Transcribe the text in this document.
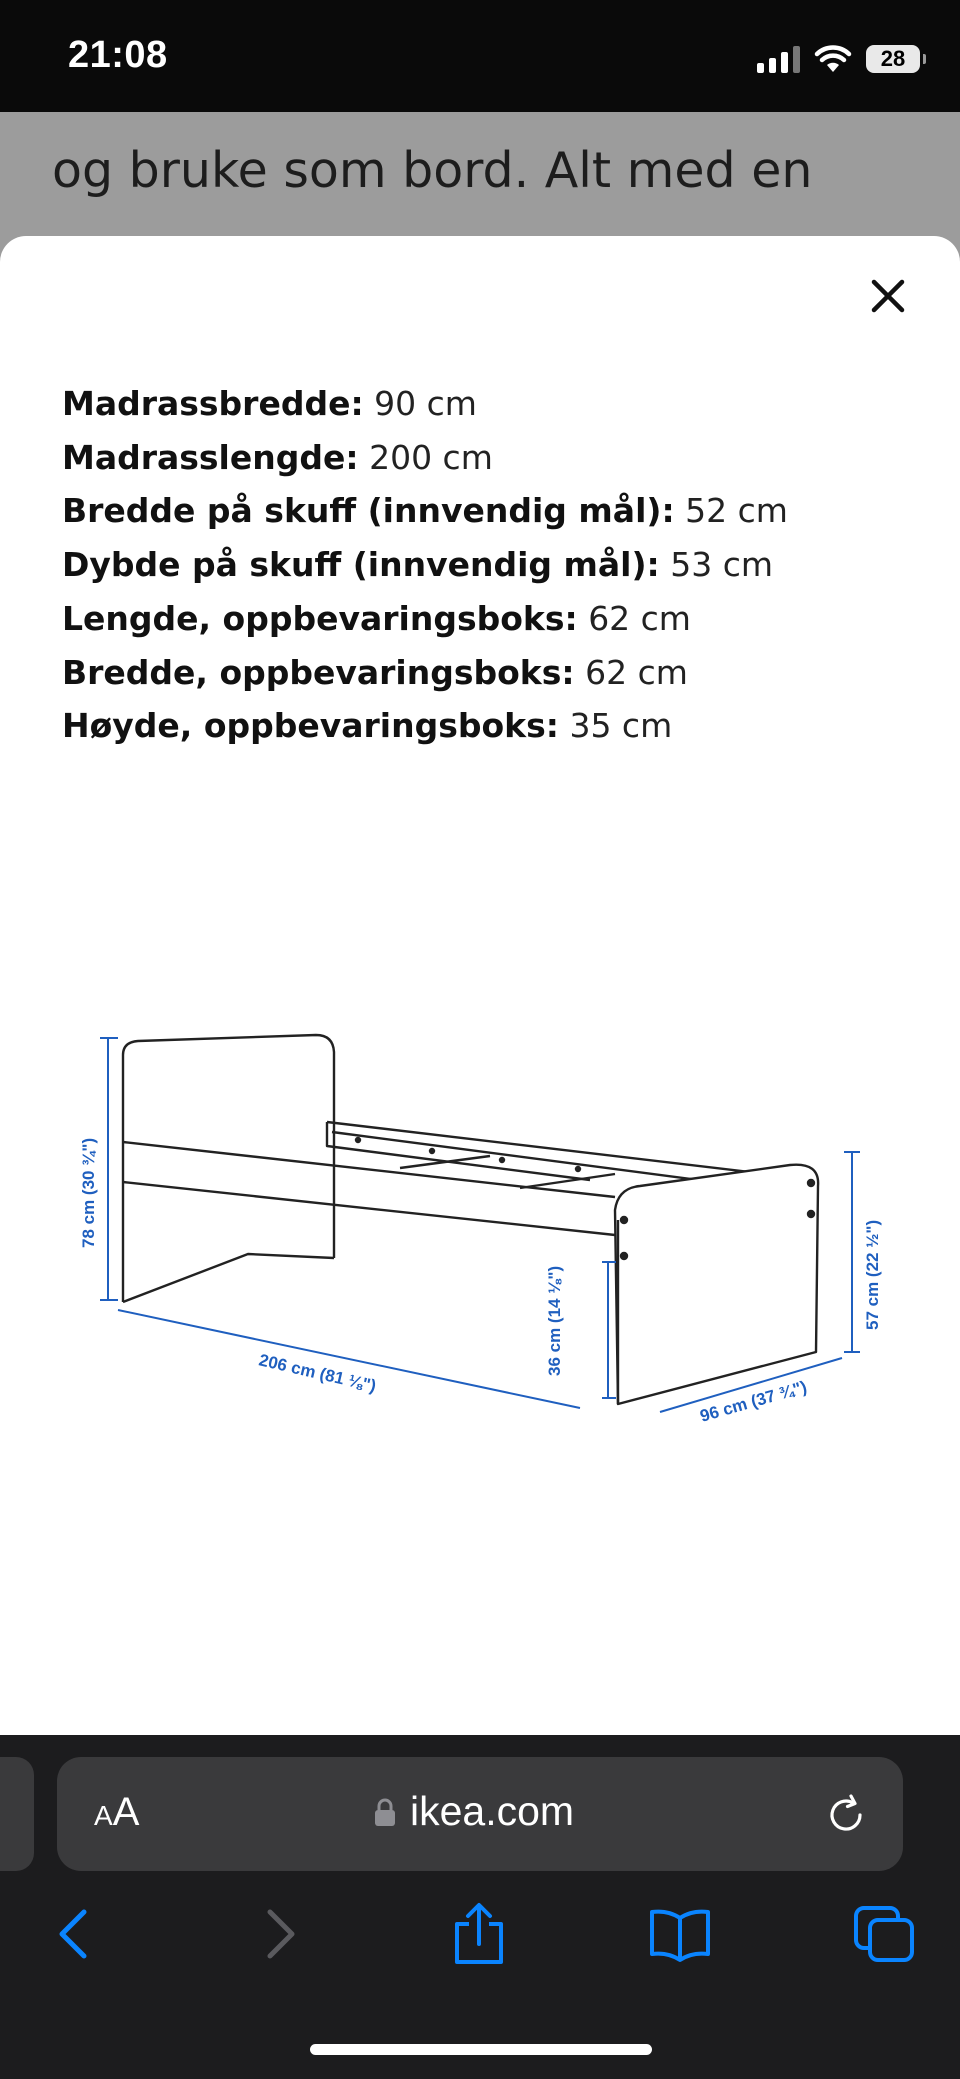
21:08	28
og bruke som bord. Alt med en
Madrassbredde: 90 cm
Madrasslengde: 200 cm
Bredde på skuff (innvendig mål): 52 cm
Dybde på skuff (innvendig mål): 53 cm
Lengde, oppbevaringsboks: 62 cm
Bredde, oppbevaringsboks: 62 cm
Høyde, oppbevaringsboks: 35 cm
78 cm (30 ¾")
206 cm (81 ⅛")	36 cm (14 ⅛")	57 cm (22 ½")
96 cm (37 ¾")
AA	ikea.com
